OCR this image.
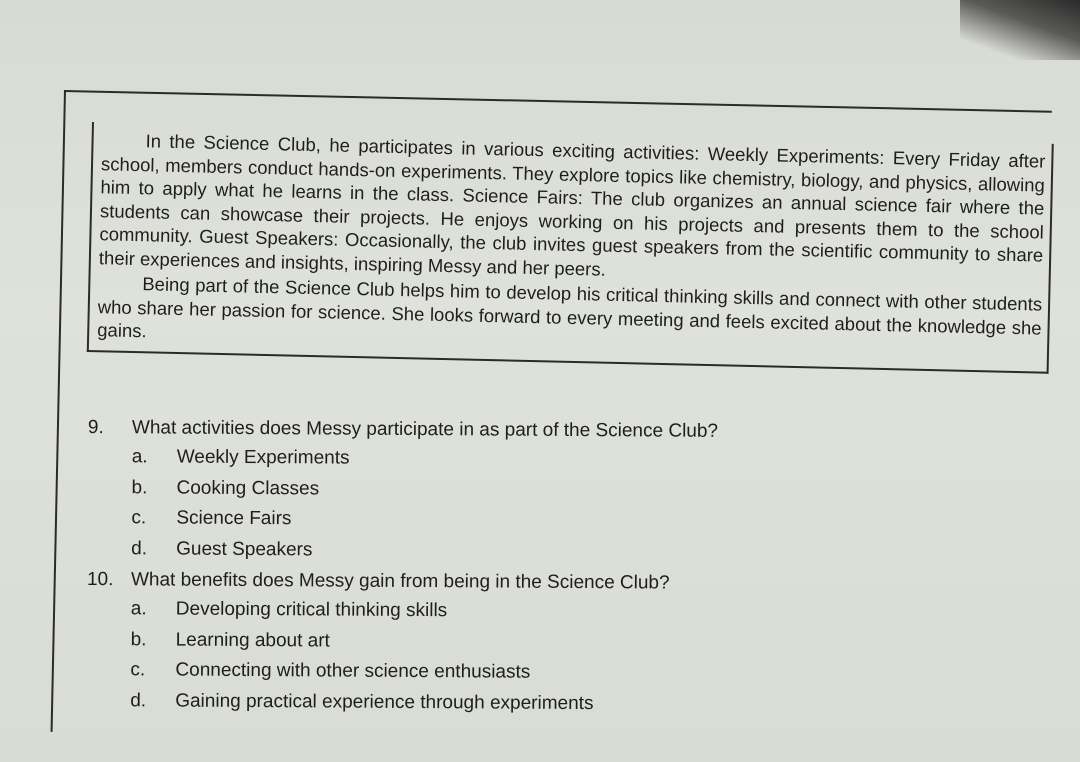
In the Science Club, he participates in various exciting activities: Weekly Experiments: Every Friday after school, members conduct hands-on experiments. They explore topics like chemistry, biology, and physics, allowing him to apply what he learns in the class. Science Fairs: The club organizes an annual science fair where the students can showcase their projects. He enjoys working on his projects and presents them to the school community. Guest Speakers: Occasionally, the club invites guest speakers from the scientific community to share their experiences and insights, inspiring Messy and her peers.

Being part of the Science Club helps him to develop his critical thinking skills and connect with other students who share her passion for science. She looks forward to every meeting and feels excited about the knowledge she gains.

9.	What activities does Messy participate in as part of the Science Club?
a.	Weekly Experiments
b.	Cooking Classes
c.	Science Fairs
d.	Guest Speakers
10. What benefits does Messy gain from being in the Science Club?
a.	Developing critical thinking skills
b.	Learning about art
c.	Connecting with other science enthusiasts
d.	Gaining practical experience through experiments
